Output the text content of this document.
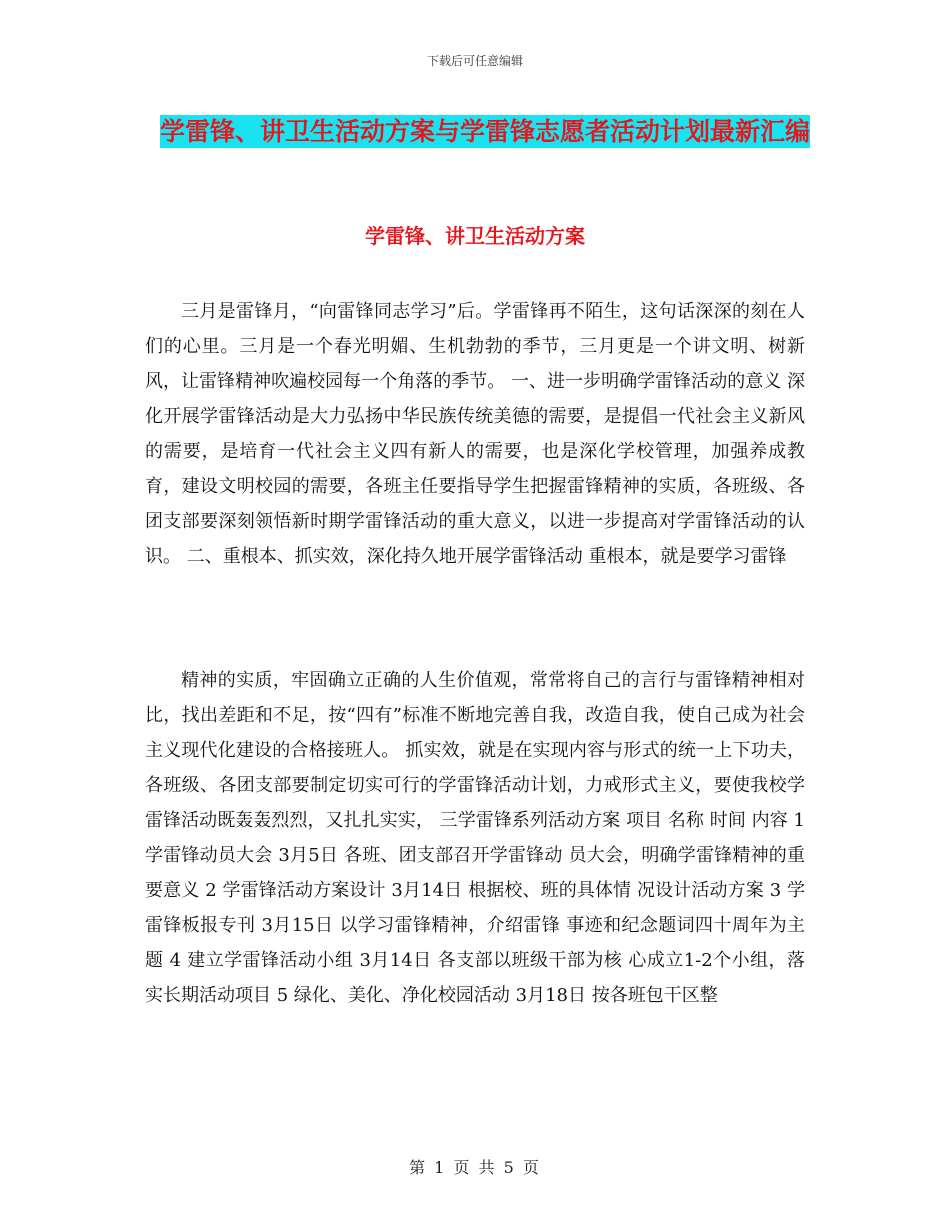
下载后可任意编辑
学雷锋、讲卫生活动方案与学雷锋志愿者活动计划最新汇编
学雷锋、讲卫生活动方案

三月是雷锋月，“向雷锋同志学习”后。学雷锋再不陌生，这句话深深的刻在人们的心里。三月是一个春光明媚、生机勃勃的季节，三月更是一个讲文明、树新风，让雷锋精神吹遍校园每一个角落的季节。 一、进一步明确学雷锋活动的意义 深化开展学雷锋活动是大力弘扬中华民族传统美德的需要，是提倡一代社会主义新风的需要，是培育一代社会主义四有新人的需要，也是深化学校管理，加强养成教育，建设文明校园的需要，各班主任要指导学生把握雷锋精神的实质，各班级、各团支部要深刻领悟新时期学雷锋活动的重大意义，以进一步提高对学雷锋活动的认识。 二、重根本、抓实效，深化持久地开展学雷锋活动 重根本，就是要学习雷锋

精神的实质，牢固确立正确的人生价值观，常常将自己的言行与雷锋精神相对比，找出差距和不足，按“四有”标准不断地完善自我，改造自我，使自己成为社会主义现代化建设的合格接班人。 抓实效，就是在实现内容与形式的统一上下功夫，各班级、各团支部要制定切实可行的学雷锋活动计划，力戒形式主义，要使我校学雷锋活动既轰轰烈烈，又扎扎实实， 三学雷锋系列活动方案 项目 名称 时间 内容 1 学雷锋动员大会 3月5日 各班、团支部召开学雷锋动 员大会，明确学雷锋精神的重要意义 2 学雷锋活动方案设计 3月14日 根据校、班的具体情 况设计活动方案 3 学雷锋板报专刊 3月15日 以学习雷锋精神，介绍雷锋 事迹和纪念题词四十周年为主题 4 建立学雷锋活动小组 3月14日 各支部以班级干部为核 心成立1-2个小组，落实长期活动项目 5 绿化、美化、净化校园活动 3月18日 按各班包干区整

第 1 页 共 5 页
